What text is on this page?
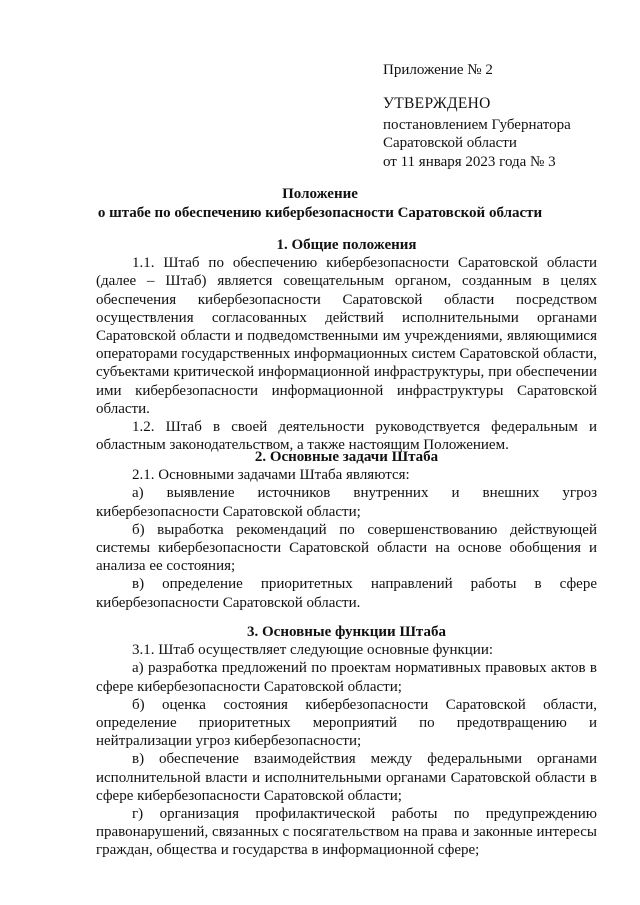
Приложение № 2
УТВЕРЖДЕНО
постановлением Губернатора
Саратовской области
от 11 января 2023 года № 3
Положение
о штабе по обеспечению кибербезопасности Саратовской области

1. Общие положения

1.1. Штаб по обеспечению кибербезопасности Саратовской области (далее – Штаб) является совещательным органом, созданным в целях обеспечения кибербезопасности Саратовской области посредством осуществления согласованных действий исполнительными органами Саратовской области и подведомственными им учреждениями, являющимися операторами государственных информационных систем Саратовской области, субъектами критической информационной инфраструктуры, при обеспечении ими кибербезопасности информационной инфраструктуры Саратовской области.

1.2. Штаб в своей деятельности руководствуется федеральным и областным законодательством, а также настоящим Положением.

2. Основные задачи Штаба

2.1. Основными задачами Штаба являются:

а) выявление источников внутренних и внешних угроз кибербезопасности Саратовской области;

б) выработка рекомендаций по совершенствованию действующей системы кибербезопасности Саратовской области на основе обобщения и анализа ее состояния;

в) определение приоритетных направлений работы в сфере кибербезопасности Саратовской области.

3. Основные функции Штаба

3.1. Штаб осуществляет следующие основные функции:

а) разработка предложений по проектам нормативных правовых актов в сфере кибербезопасности Саратовской области;

б) оценка состояния кибербезопасности Саратовской области, определение приоритетных мероприятий по предотвращению и нейтрализации угроз кибербезопасности;

в) обеспечение взаимодействия между федеральными органами исполнительной власти и исполнительными органами Саратовской области в сфере кибербезопасности Саратовской области;

г) организация профилактической работы по предупреждению правонарушений, связанных с посягательством на права и законные интересы граждан, общества и государства в информационной сфере;
